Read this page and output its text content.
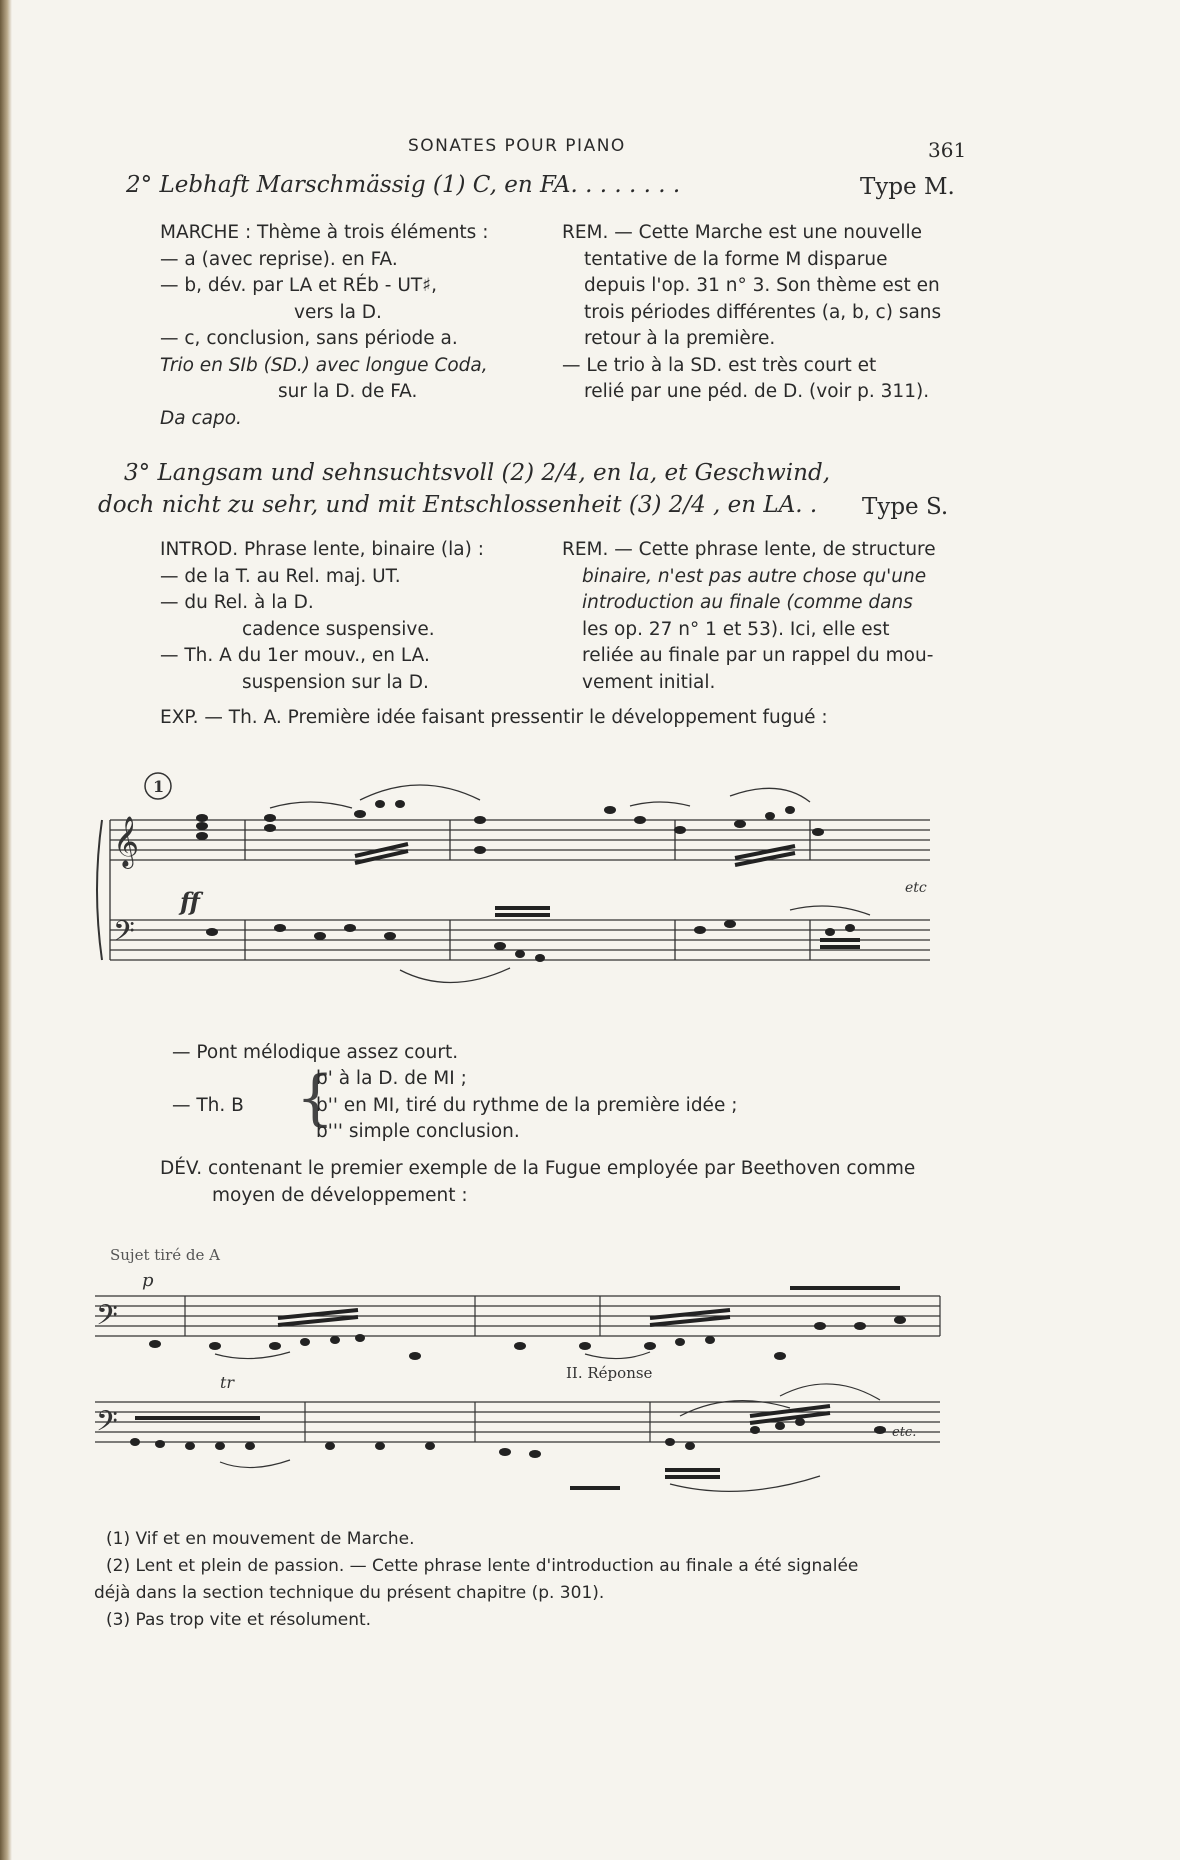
SONATES POUR PIANO	361
2° Lebhaft Marschmässig (1) C, en FA. . . . . . . .	Type M.
MARCHE : Thème à trois éléments :
— a (avec reprise). en FA.
— b, dév. par LA et RÉb - UT♯,
vers la D.
— c, conclusion, sans période a.
Trio en SIb (SD.) avec longue Coda,
sur la D. de FA.
Da capo.
REM. — Cette Marche est une nouvelle
tentative de la forme M disparue
depuis l'op. 31 n° 3. Son thème est en
trois périodes différentes (a, b, c) sans
retour à la première.
— Le trio à la SD. est très court et
relié par une péd. de D. (voir p. 311).
3° Langsam und sehnsuchtsvoll (2) 2/4, en la, et Geschwind,
doch nicht zu sehr, und mit Entschlossenheit (3) 2/4 , en LA. . Type S.
INTROD. Phrase lente, binaire (la) :
— de la T. au Rel. maj. UT.
— du Rel. à la D.
cadence suspensive.
— Th. A du 1er mouv., en LA.
suspension sur la D.
REM. — Cette phrase lente, de structure
binaire, n'est pas autre chose qu'une
introduction au finale (comme dans
les op. 27 n° 1 et 53). Ici, elle est
reliée au finale par un rappel du mou-
vement initial.
EXP. — Th. A. Première idée faisant pressentir le développement fugué :
𝄞
𝄢
ff	etc
1
— Pont mélodique assez court.
— Th. B {
b' à la D. de MI ;
b'' en MI, tiré du rythme de la première idée ;
b''' simple conclusion.
DÉV. contenant le premier exemple de la Fugue employée par Beethoven comme
moyen de développement :
Sujet tiré de A
p
𝄢
II. Réponse
tr
𝄢	etc.
(1) Vif et en mouvement de Marche.
(2) Lent et plein de passion. — Cette phrase lente d'introduction au finale a été signalée
déjà dans la section technique du présent chapitre (p. 301).
(3) Pas trop vite et résolument.
